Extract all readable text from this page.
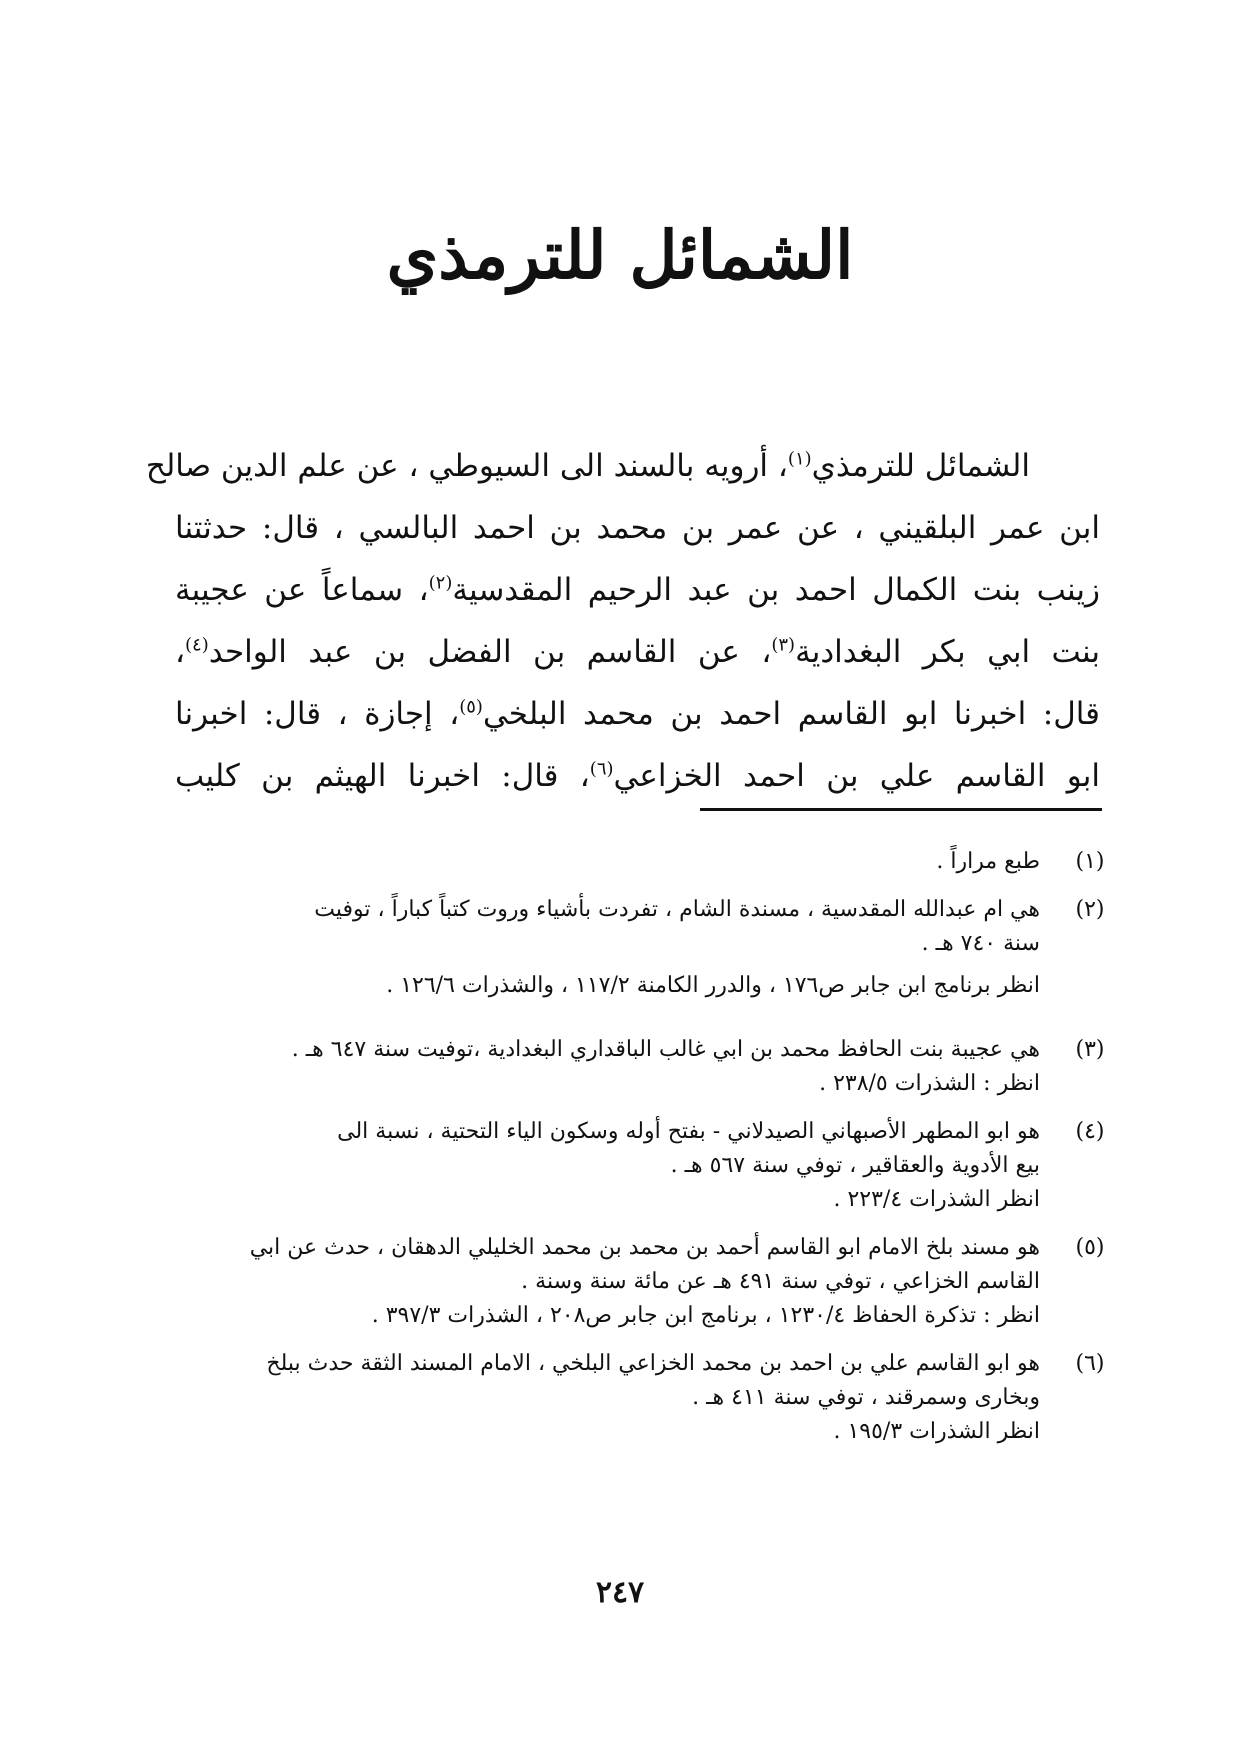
الشمائل للترمذي
الشمائل للترمذي$^{(١)}$، أرويه بالسند الى السيوطي ، عن علم الدين صالح
ابن عمر البلقيني ، عن عمر بن محمد بن احمد البالسي ، قال: حدثتنا
زينب بنت الكمال احمد بن عبد الرحيم المقدسية$^{(٢)}$، سماعاً عن عجيبة
بنت ابي بكر البغدادية$^{(٣)}$، عن القاسم بن الفضل بن عبد الواحد$^{(٤)}$،
قال: اخبرنا ابو القاسم احمد بن محمد البلخي$^{(٥)}$، إجازة ، قال: اخبرنا
ابو القاسم علي بن احمد الخزاعي$^{(٦)}$، قال: اخبرنا الهيثم بن كليب
(١)
طبع مراراً .
(٢)
هي ام عبدالله المقدسية ، مسندة الشام ، تفردت بأشياء وروت كتباً كباراً ، توفيت
سنة ٧٤٠ هـ .
انظر برنامج ابن جابر ص١٧٦ ، والدرر الكامنة ١١٧/٢ ، والشذرات ١٢٦/٦ .
(٣)
هي عجيبة بنت الحافظ محمد بن ابي غالب الباقداري البغدادية ،توفيت سنة ٦٤٧ هـ .
انظر : الشذرات ٢٣٨/٥ .
(٤)
هو ابو المطهر الأصبهاني الصيدلاني - بفتح أوله وسكون الياء التحتية ، نسبة الى
بيع الأدوية والعقاقير ، توفي سنة ٥٦٧ هـ .
انظر الشذرات ٢٢٣/٤ .
(٥)
هو مسند بلخ الامام ابو القاسم أحمد بن محمد بن محمد الخليلي الدهقان ، حدث عن ابي
القاسم الخزاعي ، توفي سنة ٤٩١ هـ عن مائة سنة وسنة .
انظر : تذكرة الحفاظ ١٢٣٠/٤ ، برنامج ابن جابر ص٢٠٨ ، الشذرات ٣٩٧/٣ .
(٦)
هو ابو القاسم علي بن احمد بن محمد الخزاعي البلخي ، الامام المسند الثقة حدث ببلخ
وبخارى وسمرقند ، توفي سنة ٤١١ هـ .
انظر الشذرات ١٩٥/٣ .
٢٤٧
